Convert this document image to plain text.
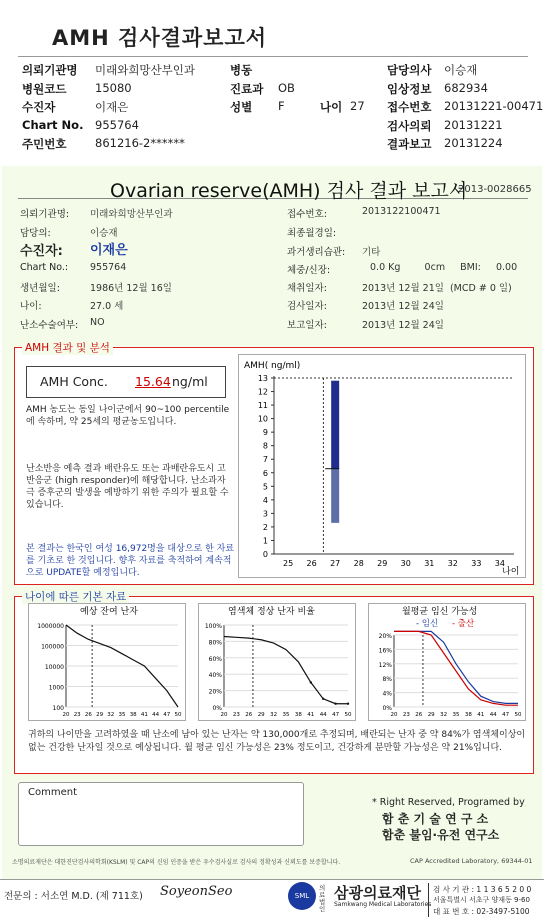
AMH 검사결과보고서
의뢰기관명 미래와희망산부인과	병동	담당의사 이승재
병원코드 15080	진료과 OB	임상정보 682934
수진자	이재은	성별 F	나이 27 접수번호 20131221-00471
Chart No. 955764	검사의뢰 20131221
주민번호 861216-2******	결과보고 20131224
Ovarian reserve(AMH) 검사 결과 보고서
2013-0028665
의뢰기관명: 미래와희망산부인과
담당의:	이승재
수진자: 이재은
Chart No.: 955764
생년월일:	1986년 12월 16일
나이:	27.0 세
난소수술여부: NO
접수번호:	2013122100471
최종월경일:
과거생리습관: 기타
체중/신장:	0.0 Kg        0cm     BMI:     0.00
채취일자:	2013년 12월 21일  (MCD # 0 일)
검사일자:	2013년 12월 24일
보고일자:	2013년 12월 24일
AMH 결과 및 분석
AMH Conc. 15.64 ng/ml
AMH 농도는 동일 나이군에서 90~100 percentile에 속하며, 약 25세의 평균농도입니다.
난소반응 예측 결과 배란유도 또는 과배란유도시 고반응군 (high responder)에 해당합니다. 난소과자극 증후군의 발생을 예방하기 위한 주의가 필요할 수 있습니다.
본 결과는 한국인 여성 16,972명을 대상으로 한 자료를 기초로 한 것입니다. 향후 자료를 축적하여 계속적으로 UPDATE할 예정입니다.
AMH( ng/ml)
나이
0
1
2
3
4
5
6
7
8
9
10
11
12
13
25 26 27 28 29 30 31 32 33 34
나이에 따른 기본 자료
예상 잔여 난자
1000000
100000
10000
1000
100
20 23 26 29 32 35 38 41 44 47 50
염색체 정상 난자 비율
100%
80%
60%
40%
20%
0%
20 23 26 29 32 35 38 41 44 47 50
월평균 임신 가능성
- 임신 - 출산
20%
16%
12%
8%
4%
0%
20 23 26 29 32 35 38 41 44 47 50
귀하의 나이만을 고려하였을 때 난소에 남아 있는 난자는 약 130,000개로 추정되며, 배란되는 난자 중 약 84%가 염색체이상이 없는 건강한 난자일 것으로 예상됩니다. 월 평균 임신 가능성은 23% 정도이고, 건강하게 분만할 가능성은 약 21%입니다.
Comment
* Right Reserved, Programed by
함 춘 기 술 연 구 소
함춘 불임·유전 연구소
소명의료재단은 대한진단검사의학회(KSLM) 및 CAP의 신임 인증을 받은 우수검사실로 검사의 정확성과 신뢰도를 보증합니다.	CAP Accredited Laboratory, 69344-01
전문의 : 서소연 M.D. (제 711호) SoyeonSeo	SML
의료 법인
삼광의료재단
Samkwang Medical Laboratories
검 사 기 관 : 1 1 3 6 5 2 0 0
서울특별시 서초구 양재동 9-60
대 표 번 호 : 02-3497-5100
